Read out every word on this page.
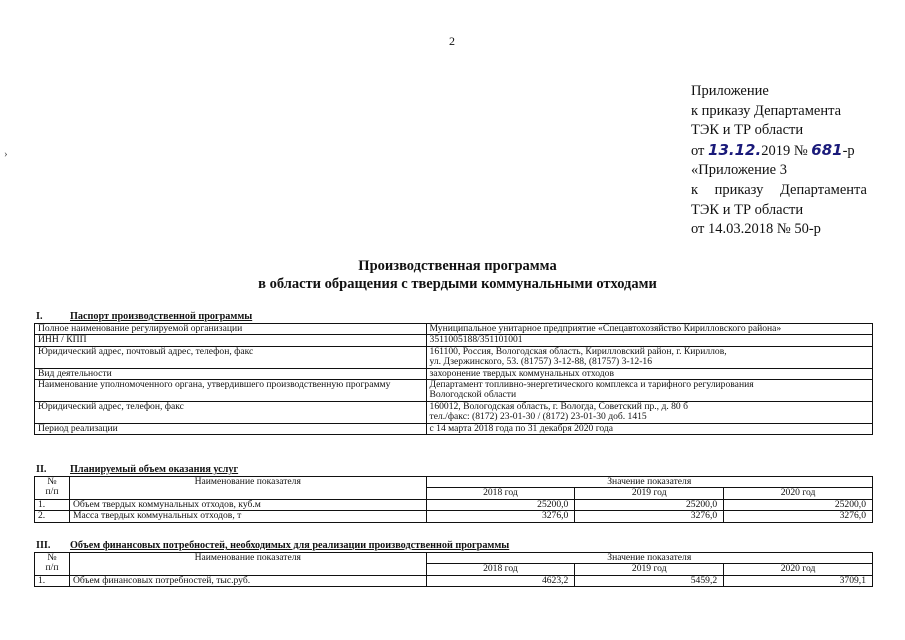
2
›
Приложение
к приказу Департамента
ТЭК и ТР области
от 13.12.2019 № 681-р
«Приложение 3
к приказу Департамента
ТЭК и ТР области
от 14.03.2018 № 50-р
Производственная программа
в области обращения с твердыми коммунальными отходами
I.	Паспорт производственной программы
Полное наименование регулируемой организации	Муниципальное унитарное предприятие «Спецавтохозяйство Кирилловского района»

ИНН / КПП	3511005188/351101001

Юридический адрес, почтовый адрес, телефон, факс	161100, Россия, Вологодская область, Кирилловский район, г. Кириллов,
ул. Дзержинского, 53. (81757) 3-12-88, (81757) 3-12-16

Вид деятельности	захоронение твердых коммунальных отходов

Наименование уполномоченного органа, утвердившего производственную программу	Департамент топливно-энергетического комплекса и тарифного регулирования
Вологодской области

Юридический адрес, телефон, факс	160012, Вологодская область, г. Вологда, Советский пр., д. 80 б
тел./факс: (8172) 23-01-30 / (8172) 23-01-30 доб. 1415

Период реализации	с 14 марта 2018 года по 31 декабря 2020 года
II. Планируемый объем оказания услуг
№
п/п	Наименование показателя	Значение показателя		
		2018 год	2019 год	2020 год
1.	Объем твердых коммунальных отходов, куб.м	25200,0	25200,0	25200,0
2.	Масса твердых коммунальных отходов, т	3276,0	3276,0	3276,0
III. Объем финансовых потребностей, необходимых для реализации производственной программы
№
п/п	Наименование показателя	Значение показателя		
		2018 год	2019 год	2020 год
1.	Объем финансовых потребностей, тыс.руб.	4623,2	5459,2	3709,1
